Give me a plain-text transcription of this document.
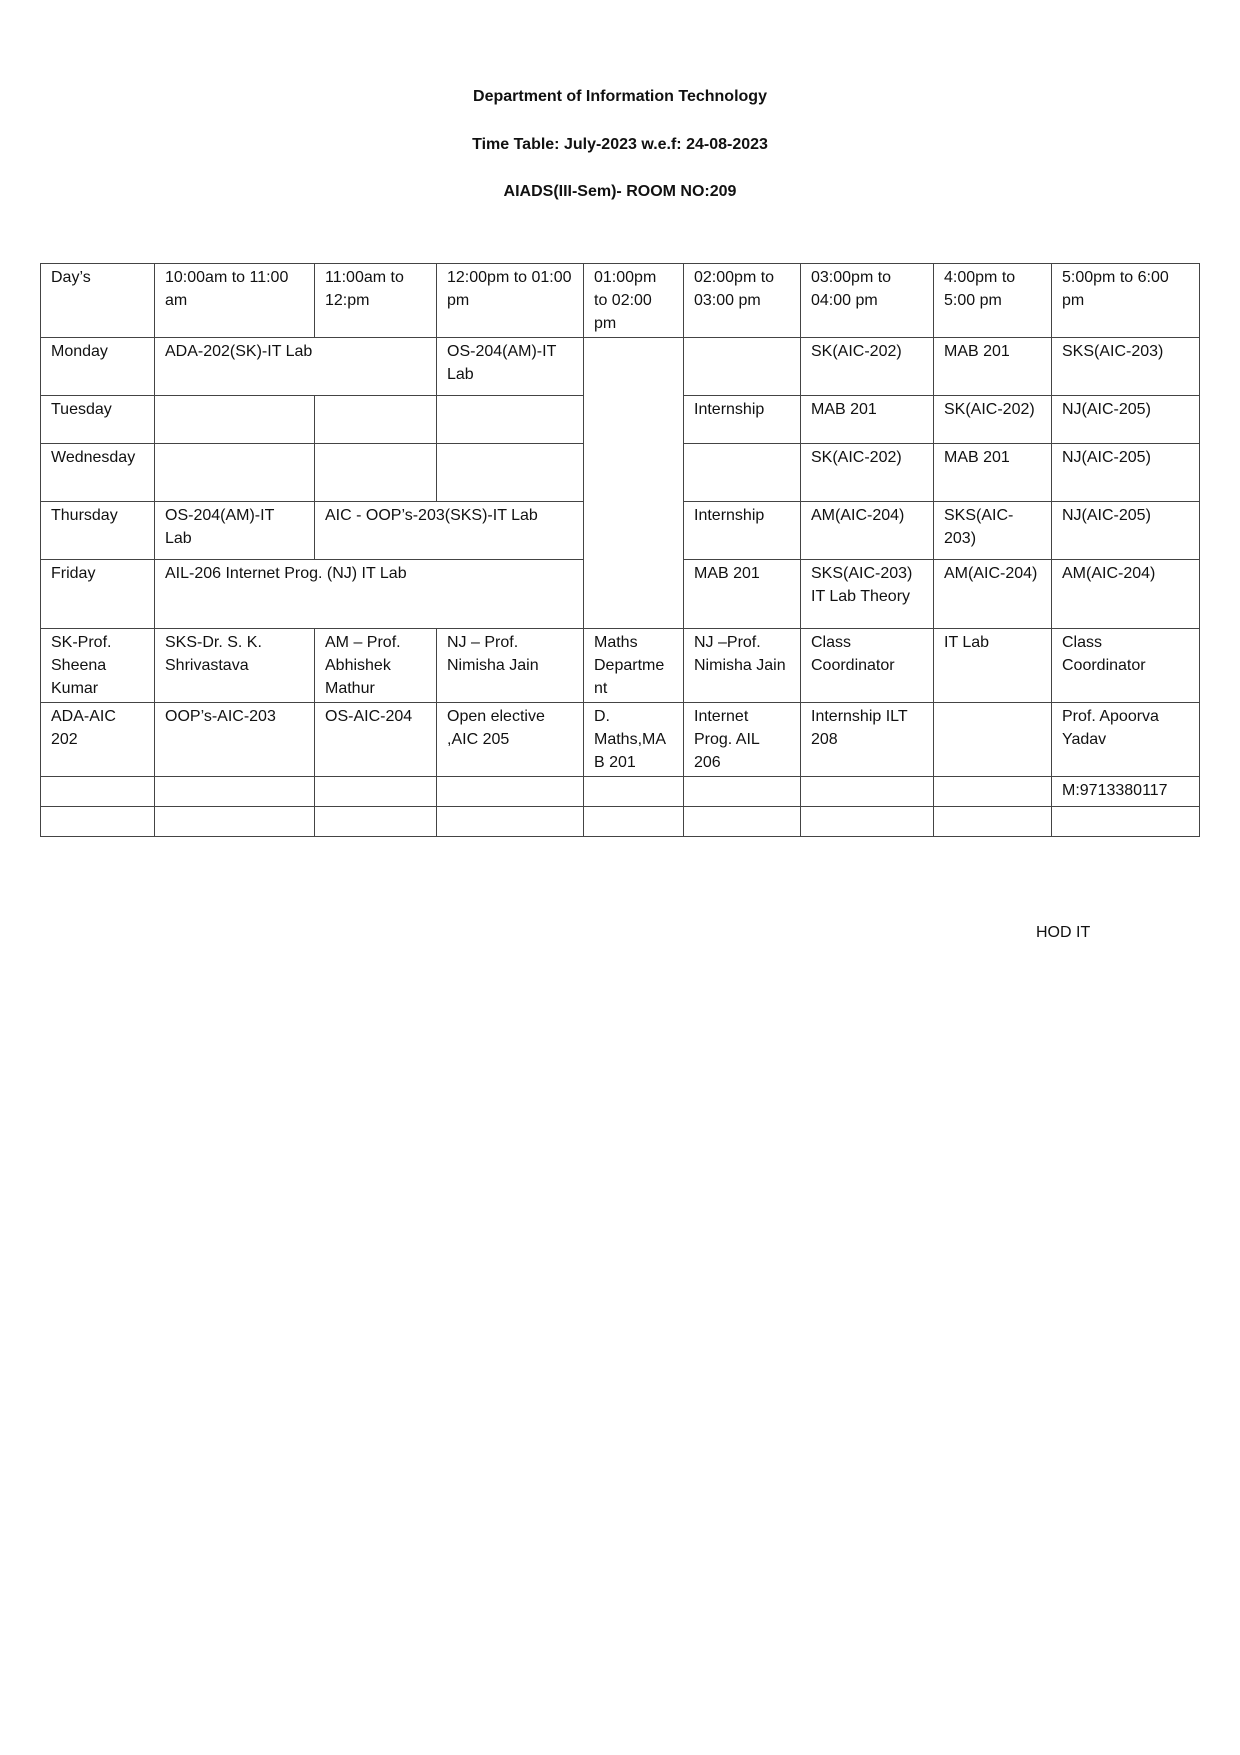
Department of Information Technology

Time Table: July-2023 w.e.f: 24-08-2023

AIADS(III-Sem)- ROOM NO:209

Day’s	10:00am to 11:00 am	11:00am to 12:pm	12:00pm to 01:00 pm	01:00pm to 02:00 pm	02:00pm to 03:00 pm	03:00pm to 04:00 pm	4:00pm to 5:00 pm	5:00pm to 6:00 pm
Monday	ADA-202(SK)-IT Lab		OS-204(AM)-IT Lab			SK(AIC-202)	MAB 201	SKS(AIC-203)
Tuesday					Internship	MAB 201	SK(AIC-202)	NJ(AIC-205)
Wednesday						SK(AIC-202)	MAB 201	NJ(AIC-205)
Thursday	OS-204(AM)-IT Lab	AIC - OOP’s-203(SKS)-IT Lab			Internship	AM(AIC-204)	SKS(AIC-203)	NJ(AIC-205)
Friday	AIL-206 Internet Prog. (NJ) IT Lab				MAB 201	SKS(AIC-203) IT Lab Theory	AM(AIC-204)	AM(AIC-204)
SK-Prof. Sheena Kumar	SKS-Dr. S. K. Shrivastava	AM – Prof. Abhishek Mathur	NJ – Prof. Nimisha Jain	Maths Department	NJ –Prof. Nimisha Jain	Class Coordinator	IT Lab	Class Coordinator
ADA-AIC 202	OOP’s-AIC-203	OS-AIC-204	Open elective ,AIC 205	D. Maths,MAB 201	Internet Prog. AIL 206	Internship ILT 208		Prof. Apoorva Yadav
								M:9713380117

HOD IT
